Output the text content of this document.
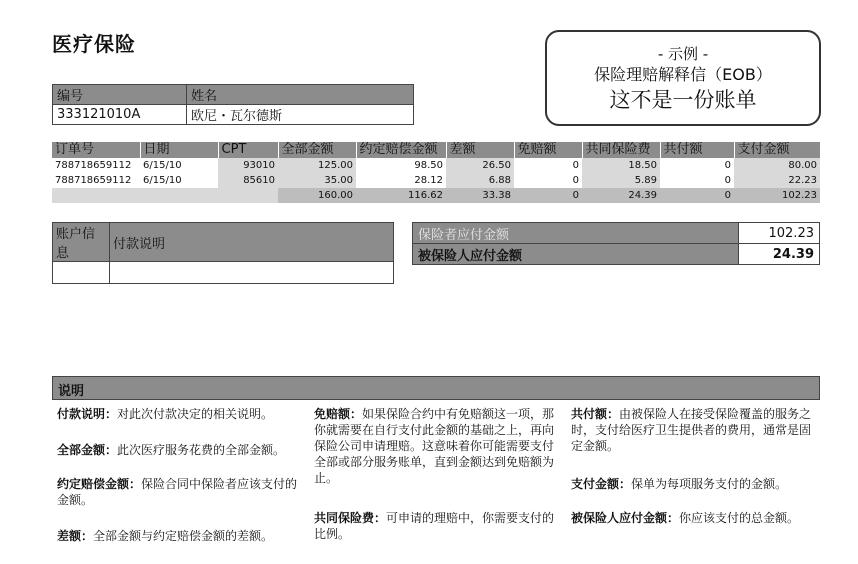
医疗保险	- 示例 -
保险理赔解释信（EOB）
这不是一份账单
编号	姓名
333121010A	欧尼・瓦尔德斯
订单号	日期	CPT	全部金额	约定赔偿金额	差额	免赔额	共同保险费	共付额	支付金额
788718659112	6/15/10	93010	125.00	98.50	26.50	0	18.50	0	80.00
788718659112	6/15/10	85610	35.00	28.12	6.88	0	5.89	0	22.23
			160.00	116.62	33.38	0	24.39	0	102.23
账户信息	付款说明

保险者应付金额	102.23
被保险人应付金额	24.39
说明
付款说明：对此次付款决定的相关说明。
全部金额：此次医疗服务花费的全部金额。
约定赔偿金额：保险合同中保险者应该支付的金额。
差额：全部金额与约定赔偿金额的差额。
免赔额：如果保险合约中有免赔额这一项，那你就需要在自行支付此金额的基础之上，再向保险公司申请理赔。这意味着你可能需要支付全部或部分服务账单，直到金额达到免赔额为止。
共同保险费：可申请的理赔中，你需要支付的比例。
共付额：由被保险人在接受保险覆盖的服务之时，支付给医疗卫生提供者的费用，通常是固定金额。
支付金额：保单为每项服务支付的金额。
被保险人应付金额：你应该支付的总金额。
